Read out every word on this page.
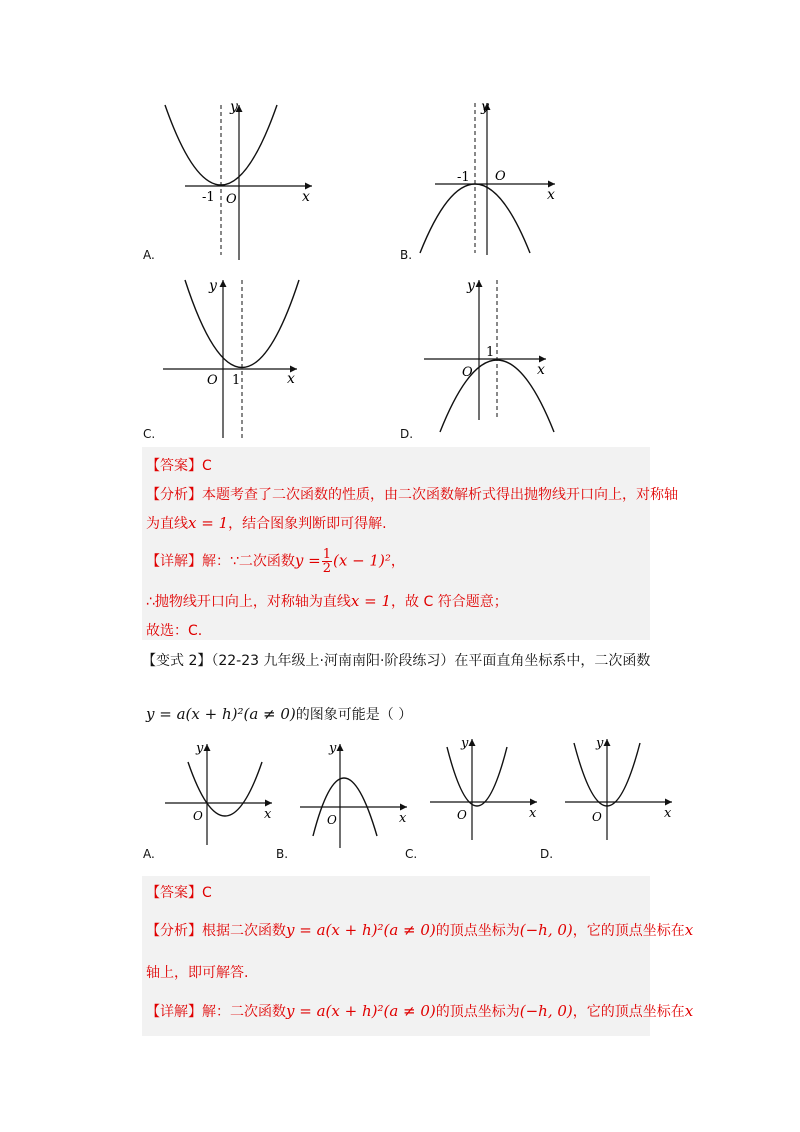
y
x
O
-1
A.
y
x
O
-1
B.
y
x
O 1
C.
y
x
O
1
D.
【答案】C
【分析】本题考查了二次函数的性质，由二次函数解析式得出抛物线开口向上，对称轴
为直线x = 1，结合图象判断即可得解.
【详解】解：∵二次函数$y = \frac{1}{2} (x - 1)^2$，
∴抛物线开口向上，对称轴为直线x = 1，故 C 符合题意；
故选：C.
【变式 2】（22-23 九年级上·河南南阳·阶段练习）在平面直角坐标系中，二次函数
y = a(x + h)²(a ≠ 0)的图象可能是（ ）
y
x
O
A.
y
x
O
B.
y
x
O
C.
y
x
O
D.
【答案】C
【分析】根据二次函数y = a(x + h)²(a ≠ 0)的顶点坐标为(−h, 0)，它的顶点坐标在x
轴上，即可解答.
【详解】解：二次函数y = a(x + h)²(a ≠ 0)的顶点坐标为(−h, 0)，它的顶点坐标在x
